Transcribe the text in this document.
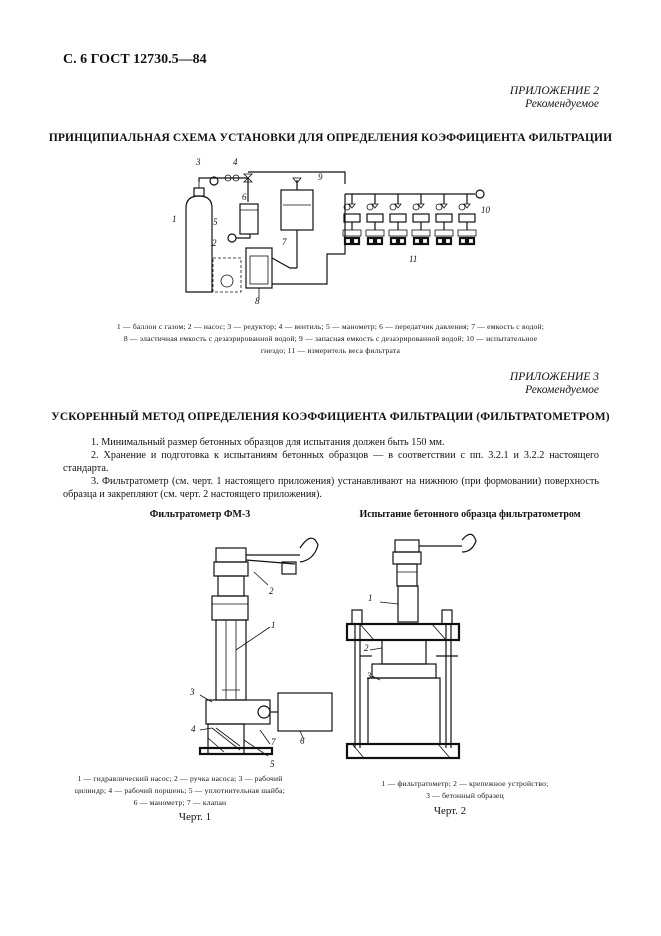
С. 6 ГОСТ 12730.5—84
ПРИЛОЖЕНИЕ 2
Рекомендуемое
ПРИНЦИПИАЛЬНАЯ СХЕМА УСТАНОВКИ ДЛЯ ОПРЕДЕЛЕНИЯ КОЭФФИЦИЕНТА ФИЛЬТРАЦИИ
3	4
1
2
5
6
7
8
9
10
11
1 — баллон с газом; 2 — насос; 3 — редуктор; 4 — вентиль; 5 — манометр; 6 — передатчик давления; 7 — емкость с водой;
8 — эластичная емкость с дезаэрированной водой; 9 — запасная емкость с дезаэрированной водой; 10 — испытательное
гнездо; 11 — измеритель веса фильтрата
ПРИЛОЖЕНИЕ 3
Рекомендуемое
УСКОРЕННЫЙ МЕТОД ОПРЕДЕЛЕНИЯ КОЭФФИЦИЕНТА ФИЛЬТРАЦИИ (ФИЛЬТРАТОМЕТРОМ)

1. Минимальный размер бетонных образцов для испытания должен быть 150 мм.

2. Хранение и подготовка к испытаниям бетонных образцов — в соответствии с пп. 3.2.1 и 3.2.2 настоящего стандарта.

3. Фильтратометр (см. черт. 1 настоящего приложения) устанавливают на нижнюю (при формовании) поверхность образца и закрепляют (см. черт. 2 настоящего приложения).

Фильтратометр ФМ-3	Испытание бетонного образца фильтратометром
2
1
3
4
5
6
7
1
2
3
1 — гидравлический насос; 2 — ручка насоса; 3 — рабочий
цилиндр; 4 — рабочий поршень; 5 — уплотнительная шайба;
6 — манометр; 7 — клапан
Черт. 1
1 — фильтратометр; 2 — крепежное устройство;
3 — бетонный образец
Черт. 2
